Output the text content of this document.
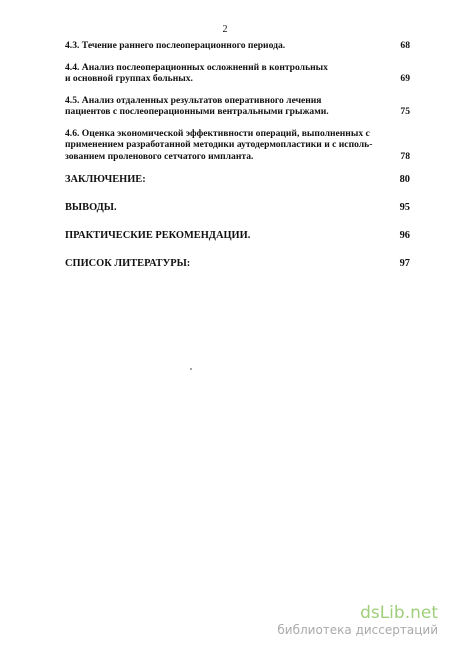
2
4.3. Течение раннего послеоперационного периода.	68
4.4. Анализ послеоперационных осложнений в контрольных
и основной группах больных.	69
4.5. Анализ отдаленных результатов оперативного лечения
пациентов с послеоперационными вентральными грыжами.	75
4.6. Оценка экономической эффективности операций, выполненных с
применением разработанной методики аутодермопластики и с исполь-
зованием проленового сетчатого импланта.	78
ЗАКЛЮЧЕНИЕ:	80
ВЫВОДЫ.	95
ПРАКТИЧЕСКИЕ РЕКОМЕНДАЦИИ.	96
СПИСОК ЛИТЕРАТУРЫ:	97
dsLib.net
библиотека диссертаций
